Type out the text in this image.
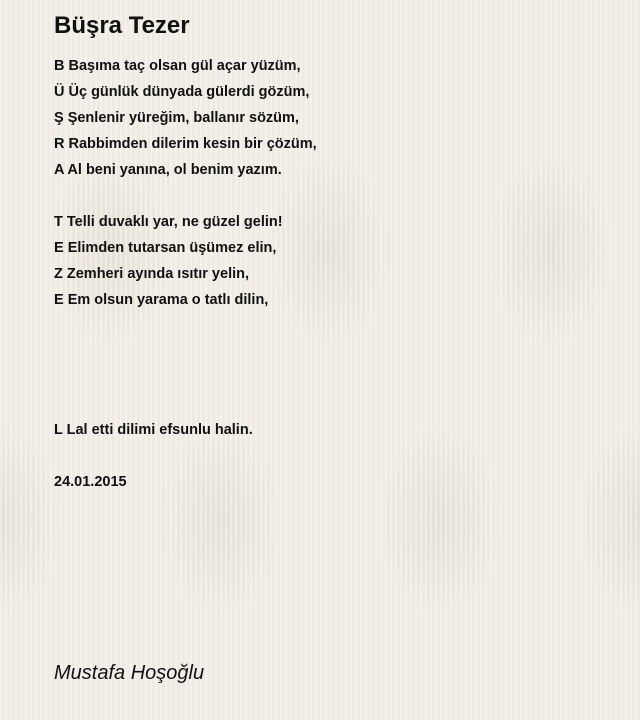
Büşra Tezer
B Başıma taç olsan gül açar yüzüm,
Ü Üç günlük dünyada gülerdi gözüm,
Ş Şenlenir yüreğim, ballanır sözüm,
R Rabbimden dilerim kesin bir çözüm,
A Al beni yanına, ol benim yazım.
T Telli duvaklı yar, ne güzel gelin!
E Elimden tutarsan üşümez elin,
Z Zemheri ayında ısıtır yelin,
E Em olsun yarama o tatlı dilin,
L Lal etti dilimi efsunlu halin.
24.01.2015
Mustafa Hoşoğlu
